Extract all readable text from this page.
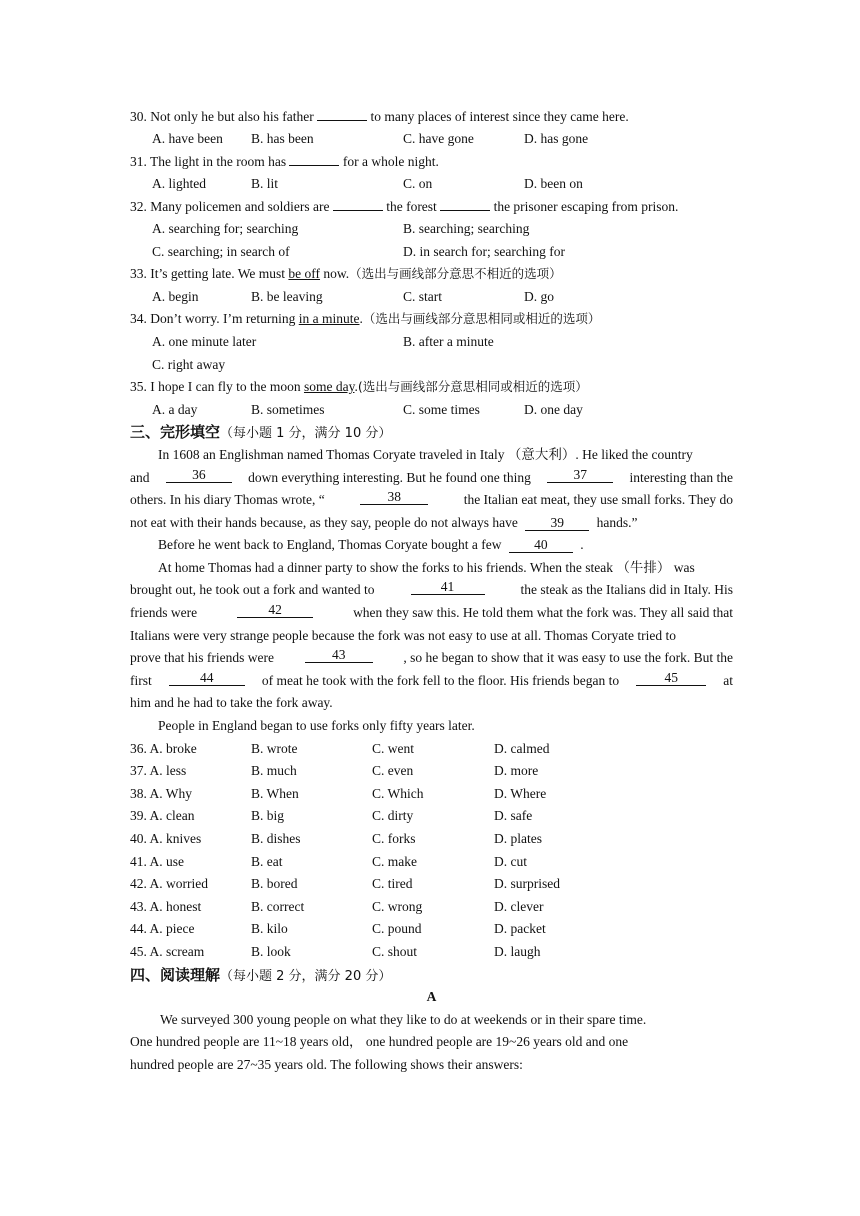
30. Not only he but also his father	to many places of interest since they came here.
A. have been B. has been	C. have gone	D. has gone
31. The light in the room has	for a whole night.
A. lighted	B. lit	C. on	D. been on
32. Many policemen and soldiers are	the forest	the prisoner escaping from prison.
A. searching for; searching	B. searching; searching
C. searching; in search of	D. in search for; searching for
33. It’s getting late. We must be off now.（选出与画线部分意思不相近的选项）
A. begin	B. be leaving	C. start	D. go
34. Don’t worry. I’m returning in a minute.（选出与画线部分意思相同或相近的选项）
A. one minute later	B. after a minute
C. right away
35. I hope I can fly to the moon some day.(选出与画线部分意思相同或相近的选项）
A. a day	B. sometimes	C. some times	D. one day
三、完形填空（每小题 1 分，满分 10 分）
In 1608 an Englishman named Thomas Coryate traveled in Italy （意大利）. He liked the country
and	36	down everything interesting. But he found one thing	37	interesting than the
others. In his diary Thomas wrote, “	38	the Italian eat meat, they use small forks. They do
not eat with their hands because, as they say, people do not always have 39 hands.”
Before he went back to England, Thomas Coryate bought a few 40 .
At home Thomas had a dinner party to show the forks to his friends. When the steak （牛排） was
brought out, he took out a fork and wanted to	41	the steak as the Italians did in Italy. His
friends were	42	when they saw this. He told them what the fork was. They all said that
Italians were very strange people because the fork was not easy to use at all. Thomas Coryate tried to
prove that his friends were	43	, so he began to show that it was easy to use the fork. But the
first	44	of meat he took with the fork fell to the floor. His friends began to	45	at
him and he had to take the fork away.
People in England began to use forks only fifty years later.
36. A. broke	B. wrote	C. went	D. calmed
37. A. less	B. much	C. even	D. more
38. A. Why	B. When	C. Which	D. Where
39. A. clean	B. big	C. dirty	D. safe
40. A. knives	B. dishes	C. forks	D. plates
41. A. use	B. eat	C. make	D. cut
42. A. worried	B. bored	C. tired	D. surprised
43. A. honest	B. correct	C. wrong	D. clever
44. A. piece	B. kilo	C. pound	D. packet
45. A. scream	B. look	C. shout	D. laugh
四、阅读理解（每小题 2 分，满分 20 分）
A
We surveyed 300 young people on what they like to do at weekends or in their spare time.
One hundred people are 11~18 years old， one hundred people are 19~26 years old and one
hundred people are 27~35 years old. The following shows their answers:
